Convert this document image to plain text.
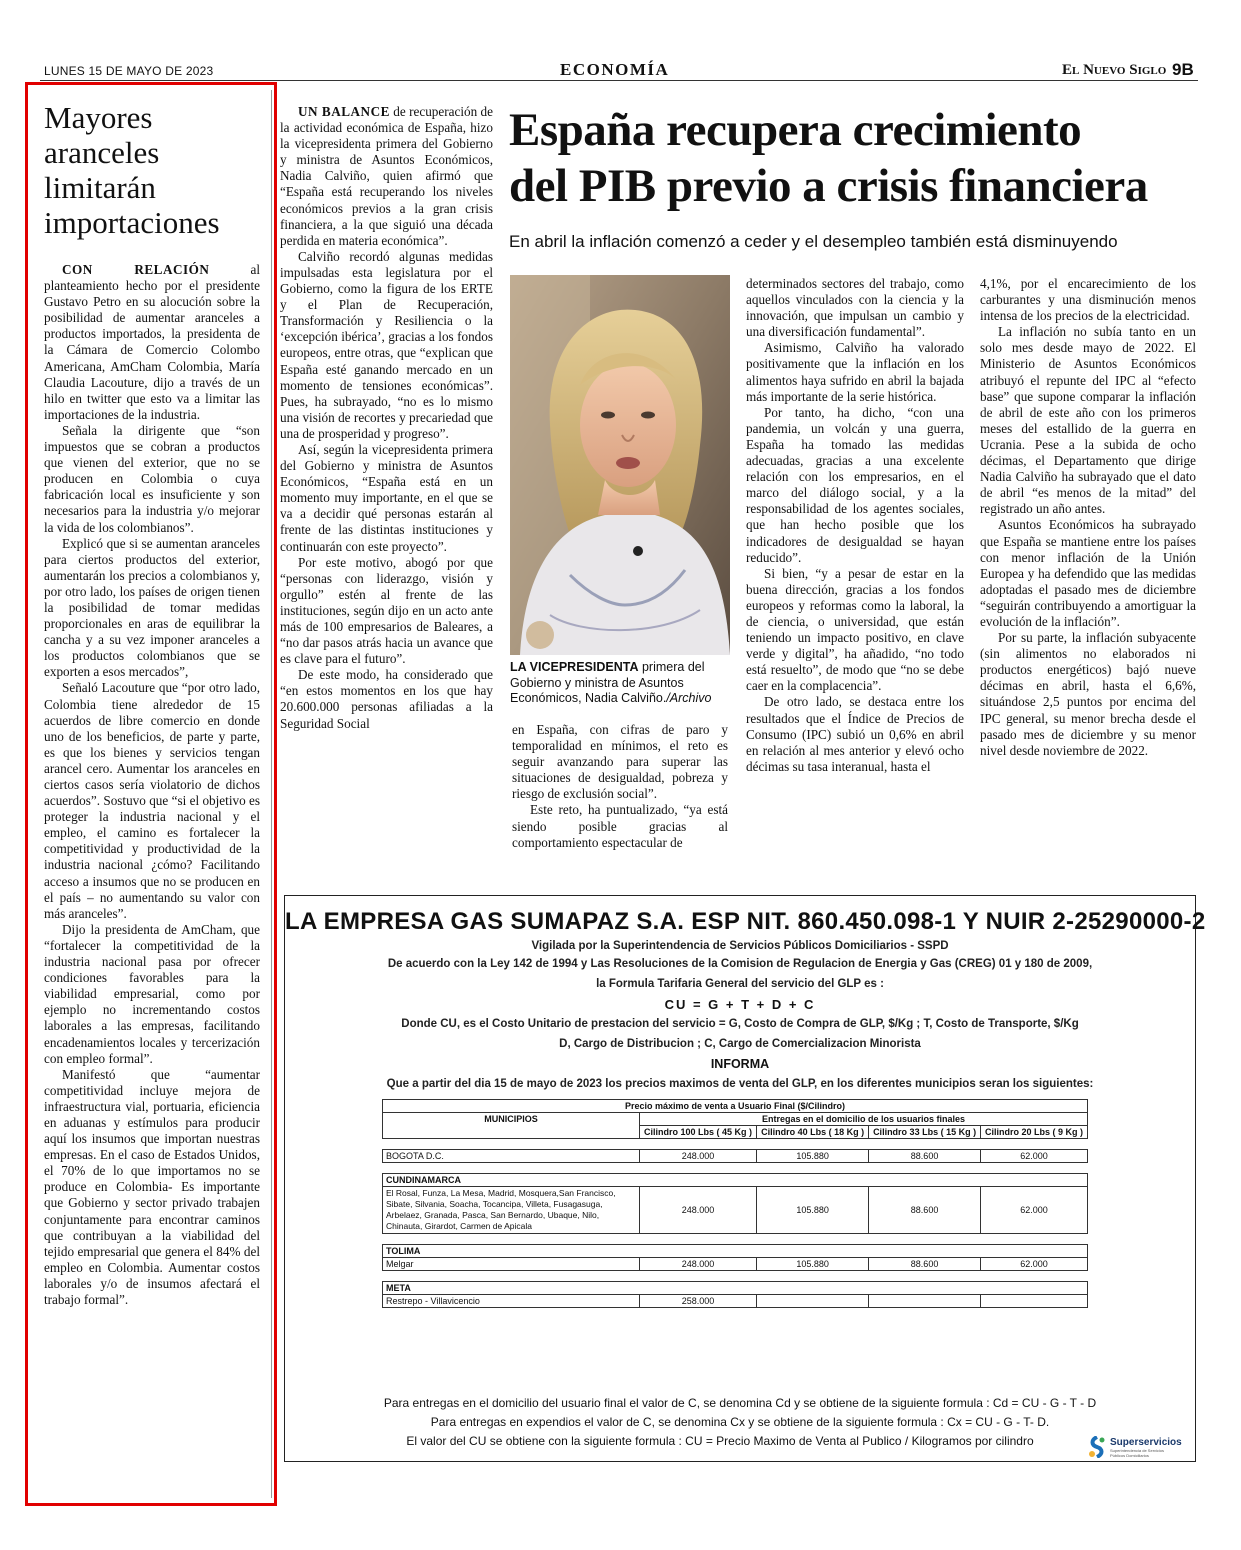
LUNES 15 DE MAYO DE 2023	ECONOMÍA	El Nuevo Siglo 9B
Mayores
aranceles
limitarán
importaciones

CON RELACIÓN al planteamiento hecho por el presidente Gustavo Petro en su alocución sobre la posibilidad de aumentar aranceles a productos importados, la presidenta de la Cámara de Comercio Colombo Americana, AmCham Colombia, María Claudia Lacouture, dijo a través de un hilo en twitter que esto va a limitar las importaciones de la industria.

Señala la dirigente que “son impuestos que se cobran a productos que vienen del exterior, que no se producen en Colombia o cuya fabricación local es insuficiente y son necesarios para la industria y/o mejorar la vida de los colombianos”.

Explicó que si se aumentan aranceles para ciertos productos del exterior, aumentarán los precios a colombianos y, por otro lado, los países de origen tienen la posibilidad de tomar medidas proporcionales en aras de equilibrar la cancha y a su vez imponer aranceles a los productos colombianos que se exporten a esos mercados”,

Señaló Lacouture que “por otro lado, Colombia tiene alrededor de 15 acuerdos de libre comercio en donde uno de los beneficios, de parte y parte, es que los bienes y servicios tengan arancel cero. Aumentar los aranceles en ciertos casos sería violatorio de dichos acuerdos”. Sostuvo que “si el objetivo es proteger la industria nacional y el empleo, el camino es fortalecer la competitividad y productividad de la industria nacional ¿cómo? Facilitando acceso a insumos que no se producen en el país – no aumentando su valor con más aranceles”.

Dijo la presidenta de AmCham, que “fortalecer la competitividad de la industria nacional pasa por ofrecer condiciones favorables para la viabilidad empresarial, como por ejemplo no incrementando costos laborales a las empresas, facilitando encadenamientos locales y tercerización con empleo formal”.

Manifestó que “aumentar competitividad incluye mejora de infraestructura vial, portuaria, eficiencia en aduanas y estímulos para producir aquí los insumos que importan nuestras empresas. En el caso de Estados Unidos, el 70% de lo que importamos no se produce en Colombia- Es importante que Gobierno y sector privado trabajen conjuntamente para encontrar caminos que contribuyan a la viabilidad del tejido empresarial que genera el 84% del empleo en Colombia. Aumentar costos laborales y/o de insumos afectará el trabajo formal”.

UN BALANCE de recuperación de la actividad económica de España, hizo la vicepresidenta primera del Gobierno y ministra de Asuntos Económicos, Nadia Calviño, quien afirmó que “España está recuperando los niveles económicos previos a la gran crisis financiera, a la que siguió una década perdida en materia económica”.

Calviño recordó algunas medidas impulsadas esta legislatura por el Gobierno, como la figura de los ERTE y el Plan de Recuperación, Transformación y Resiliencia o la ‘excepción ibérica’, gracias a los fondos europeos, entre otras, que “explican que España esté ganando mercado en un momento de tensiones económicas”. Pues, ha subrayado, “no es lo mismo una visión de recortes y precariedad que una de prosperidad y progreso”.

Así, según la vicepresidenta primera del Gobierno y ministra de Asuntos Económicos, “España está en un momento muy importante, en el que se va a decidir qué personas estarán al frente de las distintas instituciones y continuarán con este proyecto”.

Por este motivo, abogó por que “personas con liderazgo, visión y orgullo” estén al frente de las instituciones, según dijo en un acto ante más de 100 empresarios de Baleares, a “no dar pasos atrás hacia un avance que es clave para el futuro”.

De este modo, ha considerado que “en estos momentos en los que hay 20.600.000 personas afiliadas a la Seguridad Social

España recupera crecimiento
del PIB previo a crisis financiera
En abril la inflación comenzó a ceder y el desempleo también está disminuyendo
LA VICEPRESIDENTA primera del Gobierno y ministra de Asuntos Económicos, Nadia Calviño./Archivo

en España, con cifras de paro y temporalidad en mínimos, el reto es seguir avanzando para superar las situaciones de desigualdad, pobreza y riesgo de exclusión social”.

Este reto, ha puntualizado, “ya está siendo posible gracias al comportamiento espectacular de

determinados sectores del trabajo, como aquellos vinculados con la ciencia y la innovación, que impulsan un cambio y una diversificación fundamental”.

Asimismo, Calviño ha valorado positivamente que la inflación en los alimentos haya sufrido en abril la bajada más importante de la serie histórica.

Por tanto, ha dicho, “con una pandemia, un volcán y una guerra, España ha tomado las medidas adecuadas, gracias a una excelente relación con los empresarios, en el marco del diálogo social, y a la responsabilidad de los agentes sociales, que han hecho posible que los indicadores de desigualdad se hayan reducido”.

Si bien, “y a pesar de estar en la buena dirección, gracias a los fondos europeos y reformas como la laboral, la de ciencia, o universidad, que están teniendo un impacto positivo, en clave verde y digital”, ha añadido, “no todo está resuelto”, de modo que “no se debe caer en la complacencia”.

De otro lado, se destaca entre los resultados que el Índice de Precios de Consumo (IPC) subió un 0,6% en abril en relación al mes anterior y elevó ocho décimas su tasa interanual, hasta el

4,1%, por el encarecimiento de los carburantes y una disminución menos intensa de los precios de la electricidad.

La inflación no subía tanto en un solo mes desde mayo de 2022. El Ministerio de Asuntos Económicos atribuyó el repunte del IPC al “efecto base” que supone comparar la inflación de abril de este año con los primeros meses del estallido de la guerra en Ucrania. Pese a la subida de ocho décimas, el Departamento que dirige Nadia Calviño ha subrayado que el dato de abril “es menos de la mitad” del registrado un año antes.

Asuntos Económicos ha subrayado que España se mantiene entre los países con menor inflación de la Unión Europea y ha defendido que las medidas adoptadas el pasado mes de diciembre “seguirán contribuyendo a amortiguar la evolución de la inflación”.

Por su parte, la inflación subyacente (sin alimentos no elaborados ni productos energéticos) bajó nueve décimas en abril, hasta el 6,6%, situándose 2,5 puntos por encima del IPC general, su menor brecha desde el pasado mes de diciembre y su menor nivel desde noviembre de 2022.

LA EMPRESA GAS SUMAPAZ S.A. ESP NIT. 860.450.098-1 Y NUIR 2-25290000-2
Vigilada por la Superintendencia de Servicios Públicos Domiciliarios - SSPD
De acuerdo con la Ley 142 de 1994 y Las Resoluciones de la Comision de Regulacion de Energia y Gas (CREG) 01 y 180 de 2009,
la Formula Tarifaria General del servicio del GLP es :
CU = G + T + D + C
Donde CU, es el Costo Unitario de prestacion del servicio = G, Costo de Compra de GLP, $/Kg ; T, Costo de Transporte, $/Kg
D, Cargo de Distribucion ; C, Cargo de Comercializacion Minorista
INFORMA
Que a partir del dia 15 de mayo de 2023 los precios maximos de venta del GLP, en los diferentes municipios seran los siguientes:
Precio máximo de venta a Usuario Final ($/Cilindro)				
MUNICIPIOS	Entregas en el domicilio de los usuarios finales			
	Cilindro 100 Lbs ( 45 Kg )	Cilindro 40 Lbs ( 18 Kg )	Cilindro 33 Lbs ( 15 Kg )	Cilindro 20 Lbs ( 9 Kg )

BOGOTA D.C.	248.000	105.880	88.600	62.000

CUNDINAMARCA				
El Rosal, Funza, La Mesa, Madrid, Mosquera,San Francisco, Sibate, Silvania, Soacha, Tocancipa, Villeta, Fusagasuga, Arbelaez, Granada, Pasca, San Bernardo, Ubaque, Nilo, Chinauta, Girardot, Carmen de Apicala	248.000	105.880	88.600	62.000

TOLIMA				
Melgar	248.000	105.880	88.600	62.000

META				
Restrepo - Villavicencio	258.000			
Para entregas en el domicilio del usuario final el valor de C, se denomina Cd y se obtiene de la siguiente formula : Cd = CU - G - T - D
Para entregas en expendios el valor de C, se denomina Cx y se obtiene de la siguiente formula : Cx = CU - G - T- D.
El valor del CU se obtiene con la siguiente formula : CU = Precio Maximo de Venta al Publico / Kilogramos por cilindro	Superservicios
Superintendencia de Servicios Públicos Domiciliarios
